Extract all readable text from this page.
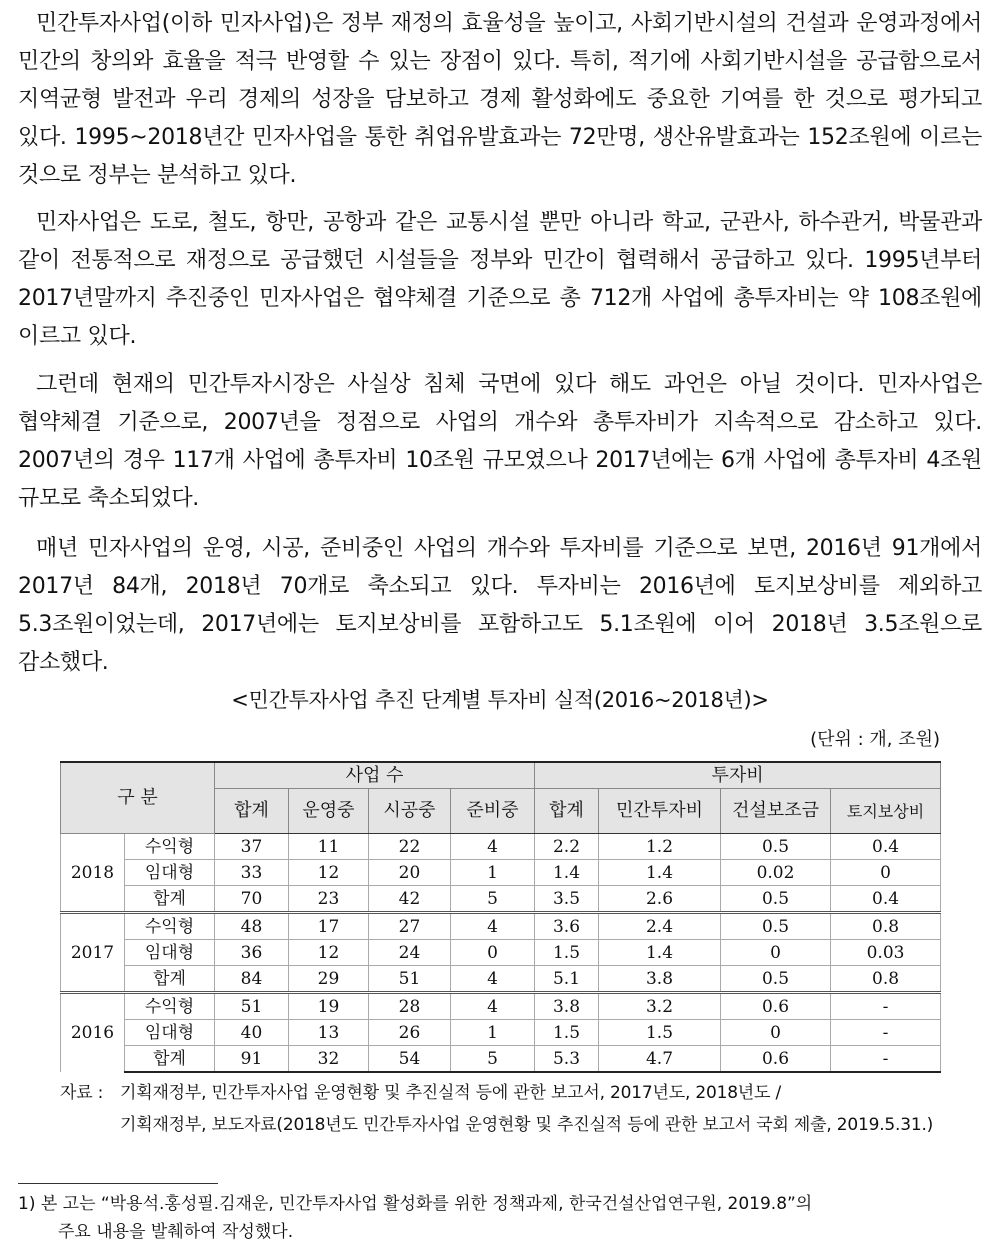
민간투자사업(이하 민자사업)은 정부 재정의 효율성을 높이고, 사회기반시설의 건설과 운영과정에서 민간의 창의와 효율을 적극 반영할 수 있는 장점이 있다. 특히, 적기에 사회기반시설을 공급함으로서 지역균형 발전과 우리 경제의 성장을 담보하고 경제 활성화에도 중요한 기여를 한 것으로 평가되고 있다. 1995~2018년간 민자사업을 통한 취업유발효과는 72만명, 생산유발효과는 152조원에 이르는 것으로 정부는 분석하고 있다.

민자사업은 도로, 철도, 항만, 공항과 같은 교통시설 뿐만 아니라 학교, 군관사, 하수관거, 박물관과 같이 전통적으로 재정으로 공급했던 시설들을 정부와 민간이 협력해서 공급하고 있다. 1995년부터 2017년말까지 추진중인 민자사업은 협약체결 기준으로 총 712개 사업에 총투자비는 약 108조원에 이르고 있다.

그런데 현재의 민간투자시장은 사실상 침체 국면에 있다 해도 과언은 아닐 것이다. 민자사업은 협약체결 기준으로, 2007년을 정점으로 사업의 개수와 총투자비가 지속적으로 감소하고 있다. 2007년의 경우 117개 사업에 총투자비 10조원 규모였으나 2017년에는 6개 사업에 총투자비 4조원 규모로 축소되었다.

매년 민자사업의 운영, 시공, 준비중인 사업의 개수와 투자비를 기준으로 보면, 2016년 91개에서 2017년 84개, 2018년 70개로 축소되고 있다. 투자비는 2016년에 토지보상비를 제외하고 5.3조원이었는데, 2017년에는 토지보상비를 포함하고도 5.1조원에 이어 2018년 3.5조원으로 감소했다.

<민간투자사업 추진 단계별 투자비 실적(2016~2018년)>
(단위 : 개, 조원)
구 분		사업 수				투자비			
		합계	운영중	시공중	준비중	합계	민간투자비	건설보조금	토지보상비
2018	수익형	37	11	22	4	2.2	1.2	0.5	0.4
	임대형	33	12	20	1	1.4	1.4	0.02	0
	합계	70	23	42	5	3.5	2.6	0.5	0.4
2017	수익형	48	17	27	4	3.6	2.4	0.5	0.8
	임대형	36	12	24	0	1.5	1.4	0	0.03
	합계	84	29	51	4	5.1	3.8	0.5	0.8
2016	수익형	51	19	28	4	3.8	3.2	0.6	-
	임대형	40	13	26	1	1.5	1.5	0	-
	합계	91	32	54	5	5.3	4.7	0.6	-
자료 : 기획재정부, 민간투자사업 운영현황 및 추진실적 등에 관한 보고서, 2017년도, 2018년도 /
기획재정부, 보도자료(2018년도 민간투자사업 운영현황 및 추진실적 등에 관한 보고서 국회 제출, 2019.5.31.)
1) 본 고는 “박용석.홍성필.김재운, 민간투자사업 활성화를 위한 정책과제, 한국건설산업연구원, 2019.8”의
주요 내용을 발췌하여 작성했다.
